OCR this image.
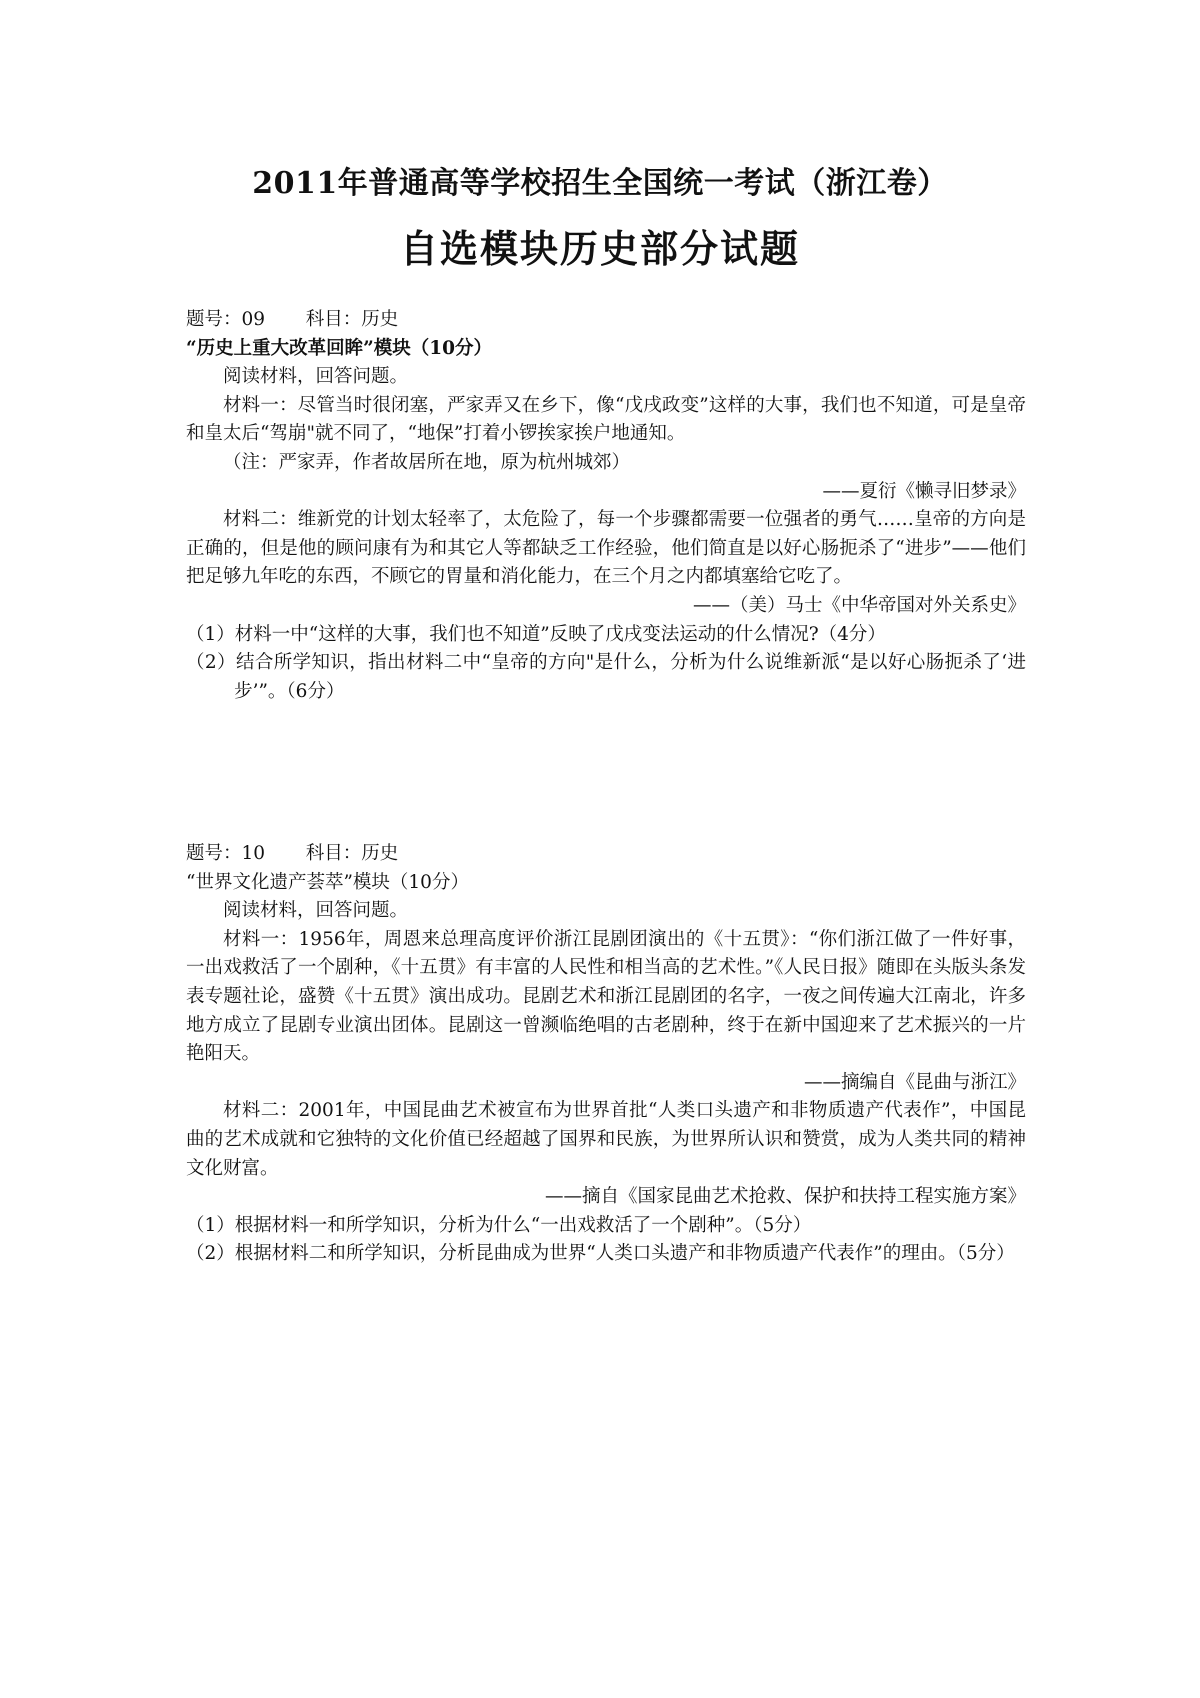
2011年普通高等学校招生全国统一考试（浙江卷）
自选模块历史部分试题

题号：09 科目：历史

“历史上重大改革回眸”模块（10分）

阅读材料，回答问题。

材料一：尽管当时很闭塞，严家弄又在乡下，像“戊戌政变”这样的大事，我们也不知道，可是皇帝和皇太后“驾崩"就不同了，“地保”打着小锣挨家挨户地通知。

（注：严家弄，作者故居所在地，原为杭州城郊）

——夏衍《懒寻旧梦录》

材料二：维新党的计划太轻率了，太危险了，每一个步骤都需要一位强者的勇气……皇帝的方向是正确的，但是他的顾问康有为和其它人等都缺乏工作经验，他们简直是以好心肠扼杀了“进步”——他们把足够九年吃的东西，不顾它的胃量和消化能力，在三个月之内都填塞给它吃了。

——（美）马士《中华帝国对外关系史》

（1）材料一中“这样的大事，我们也不知道”反映了戊戌变法运动的什么情况?（4分）

（2）结合所学知识，指出材料二中“皇帝的方向"是什么，分析为什么说维新派“是以好心肠扼杀了‘进步’”。（6分）

题号：10 科目：历史

“世界文化遗产荟萃”模块（10分）

阅读材料，回答问题。

材料一：1956年，周恩来总理高度评价浙江昆剧团演出的《十五贯》：“你们浙江做了一件好事，一出戏救活了一个剧种，《十五贯》有丰富的人民性和相当高的艺术性。”《人民日报》随即在头版头条发表专题社论，盛赞《十五贯》演出成功。昆剧艺术和浙江昆剧团的名字，一夜之间传遍大江南北，许多地方成立了昆剧专业演出团体。昆剧这一曾濒临绝唱的古老剧种，终于在新中国迎来了艺术振兴的一片艳阳天。

——摘编自《昆曲与浙江》

材料二：2001年，中国昆曲艺术被宣布为世界首批“人类口头遗产和非物质遗产代表作”，中国昆曲的艺术成就和它独特的文化价值已经超越了国界和民族，为世界所认识和赞赏，成为人类共同的精神文化财富。

——摘自《国家昆曲艺术抢救、保护和扶持工程实施方案》

（1）根据材料一和所学知识，分析为什么“一出戏救活了一个剧种”。（5分）

（2）根据材料二和所学知识，分析昆曲成为世界“人类口头遗产和非物质遗产代表作”的理由。（5分）
